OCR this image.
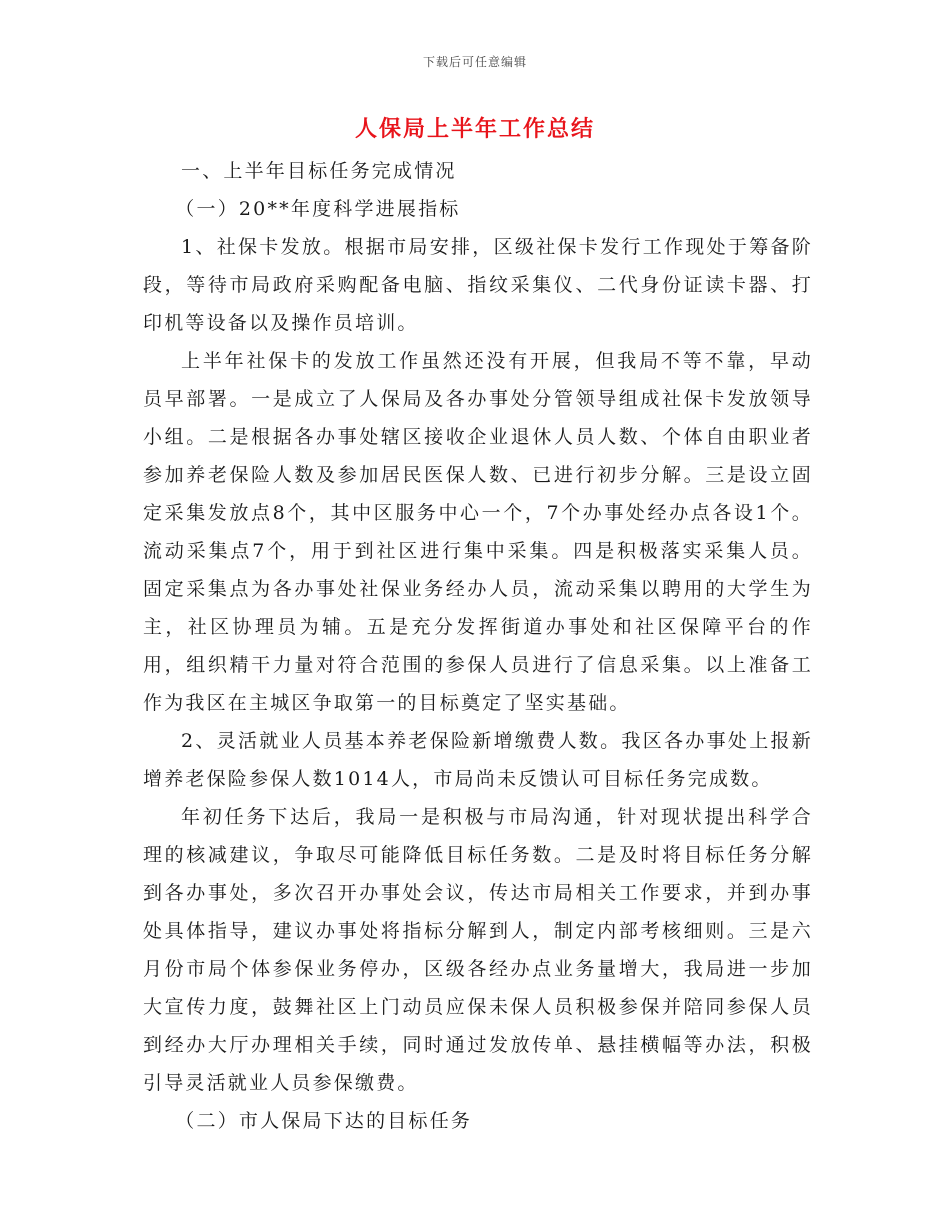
下载后可任意编辑
人保局上半年工作总结

一、上半年目标任务完成情况

（一）20**年度科学进展指标

1、社保卡发放。根据市局安排，区级社保卡发行工作现处于筹备阶段，等待市局政府采购配备电脑、指纹采集仪、二代身份证读卡器、打印机等设备以及操作员培训。

上半年社保卡的发放工作虽然还没有开展，但我局不等不靠，早动员早部署。一是成立了人保局及各办事处分管领导组成社保卡发放领导小组。二是根据各办事处辖区接收企业退休人员人数、个体自由职业者参加养老保险人数及参加居民医保人数、已进行初步分解。三是设立固定采集发放点8个，其中区服务中心一个，7个办事处经办点各设1个。流动采集点7个，用于到社区进行集中采集。四是积极落实采集人员。固定采集点为各办事处社保业务经办人员，流动采集以聘用的大学生为主，社区协理员为辅。五是充分发挥街道办事处和社区保障平台的作用，组织精干力量对符合范围的参保人员进行了信息采集。以上准备工作为我区在主城区争取第一的目标奠定了坚实基础。

2、灵活就业人员基本养老保险新增缴费人数。我区各办事处上报新增养老保险参保人数1014人，市局尚未反馈认可目标任务完成数。

年初任务下达后，我局一是积极与市局沟通，针对现状提出科学合理的核减建议，争取尽可能降低目标任务数。二是及时将目标任务分解到各办事处，多次召开办事处会议，传达市局相关工作要求，并到办事处具体指导，建议办事处将指标分解到人，制定内部考核细则。三是六月份市局个体参保业务停办，区级各经办点业务量增大，我局进一步加大宣传力度，鼓舞社区上门动员应保未保人员积极参保并陪同参保人员到经办大厅办理相关手续，同时通过发放传单、悬挂横幅等办法，积极引导灵活就业人员参保缴费。

（二）市人保局下达的目标任务
